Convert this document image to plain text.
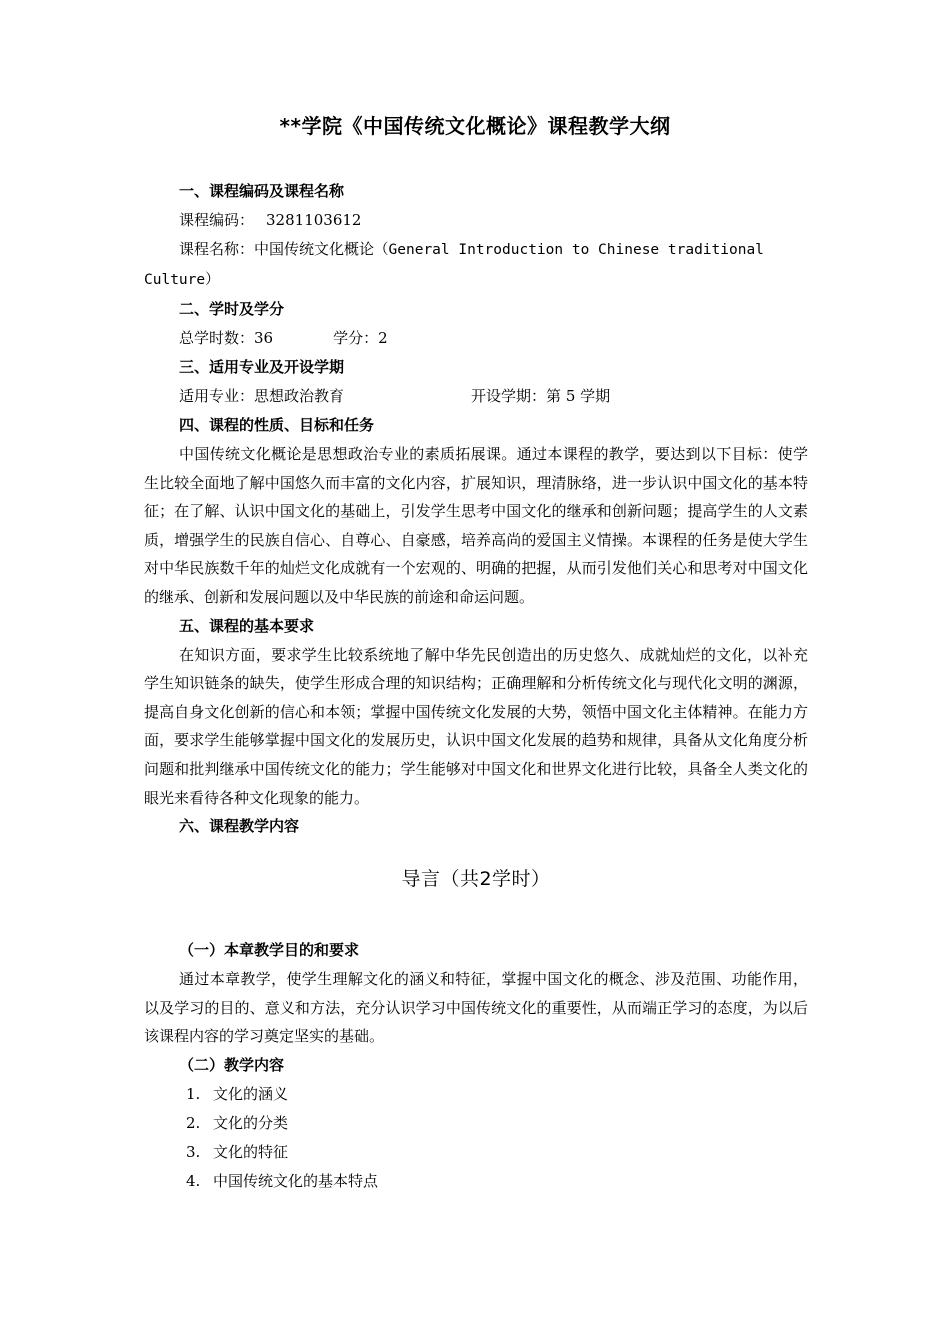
**学院《中国传统文化概论》课程教学大纲
一、课程编码及课程名称
课程编码： 3281103612
课程名称：中国传统文化概论（General Introduction to Chinese traditional Culture）
二、学时及学分
总学时数：36	学分：2
三、适用专业及开设学期
适用专业：思想政治教育	开设学期：第 5 学期
四、课程的性质、目标和任务
中国传统文化概论是思想政治专业的素质拓展课。通过本课程的教学，要达到以下目标：使学生比较全面地了解中国悠久而丰富的文化内容，扩展知识，理清脉络，进一步认识中国文化的基本特征；在了解、认识中国文化的基础上，引发学生思考中国文化的继承和创新问题；提高学生的人文素质，增强学生的民族自信心、自尊心、自豪感，培养高尚的爱国主义情操。本课程的任务是使大学生对中华民族数千年的灿烂文化成就有一个宏观的、明确的把握，从而引发他们关心和思考对中国文化的继承、创新和发展问题以及中华民族的前途和命运问题。
五、课程的基本要求
在知识方面，要求学生比较系统地了解中华先民创造出的历史悠久、成就灿烂的文化，以补充学生知识链条的缺失，使学生形成合理的知识结构；正确理解和分析传统文化与现代化文明的渊源，提高自身文化创新的信心和本领；掌握中国传统文化发展的大势，领悟中国文化主体精神。在能力方面，要求学生能够掌握中国文化的发展历史，认识中国文化发展的趋势和规律，具备从文化角度分析问题和批判继承中国传统文化的能力；学生能够对中国文化和世界文化进行比较，具备全人类文化的眼光来看待各种文化现象的能力。
六、课程教学内容
导言（共2学时）
（一）本章教学目的和要求
通过本章教学，使学生理解文化的涵义和特征，掌握中国文化的概念、涉及范围、功能作用，以及学习的目的、意义和方法，充分认识学习中国传统文化的重要性，从而端正学习的态度，为以后该课程内容的学习奠定坚实的基础。
（二）教学内容
1. 文化的涵义
2. 文化的分类
3. 文化的特征
4. 中国传统文化的基本特点
